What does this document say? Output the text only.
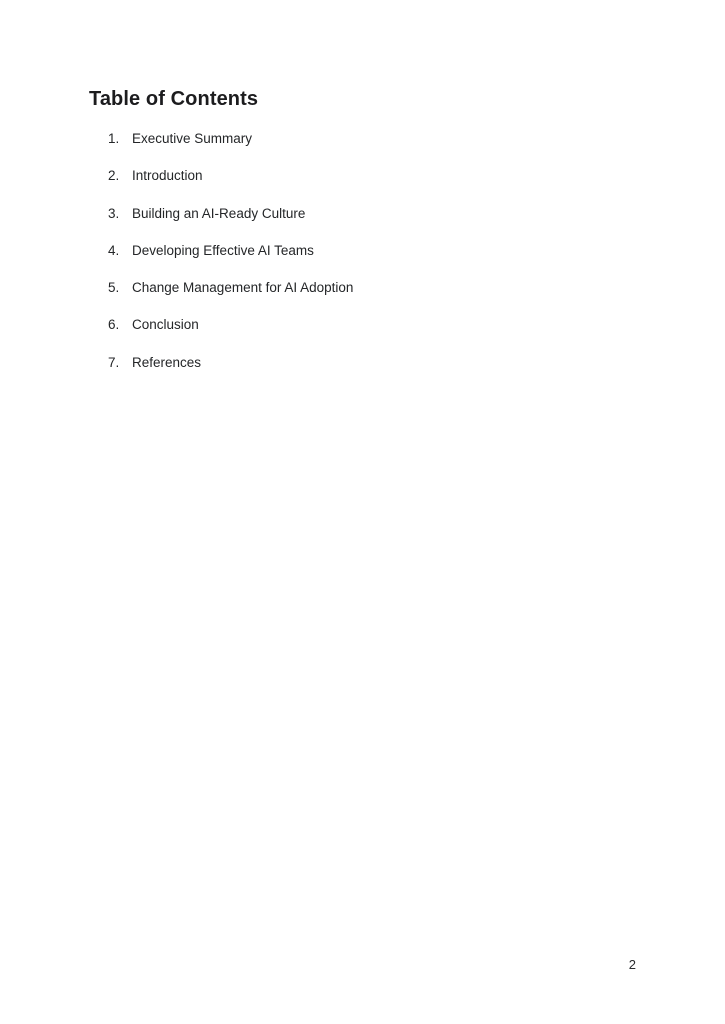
Table of Contents
1. Executive Summary
2. Introduction
3. Building an AI-Ready Culture
4. Developing Effective AI Teams
5. Change Management for AI Adoption
6. Conclusion
7. References
2
